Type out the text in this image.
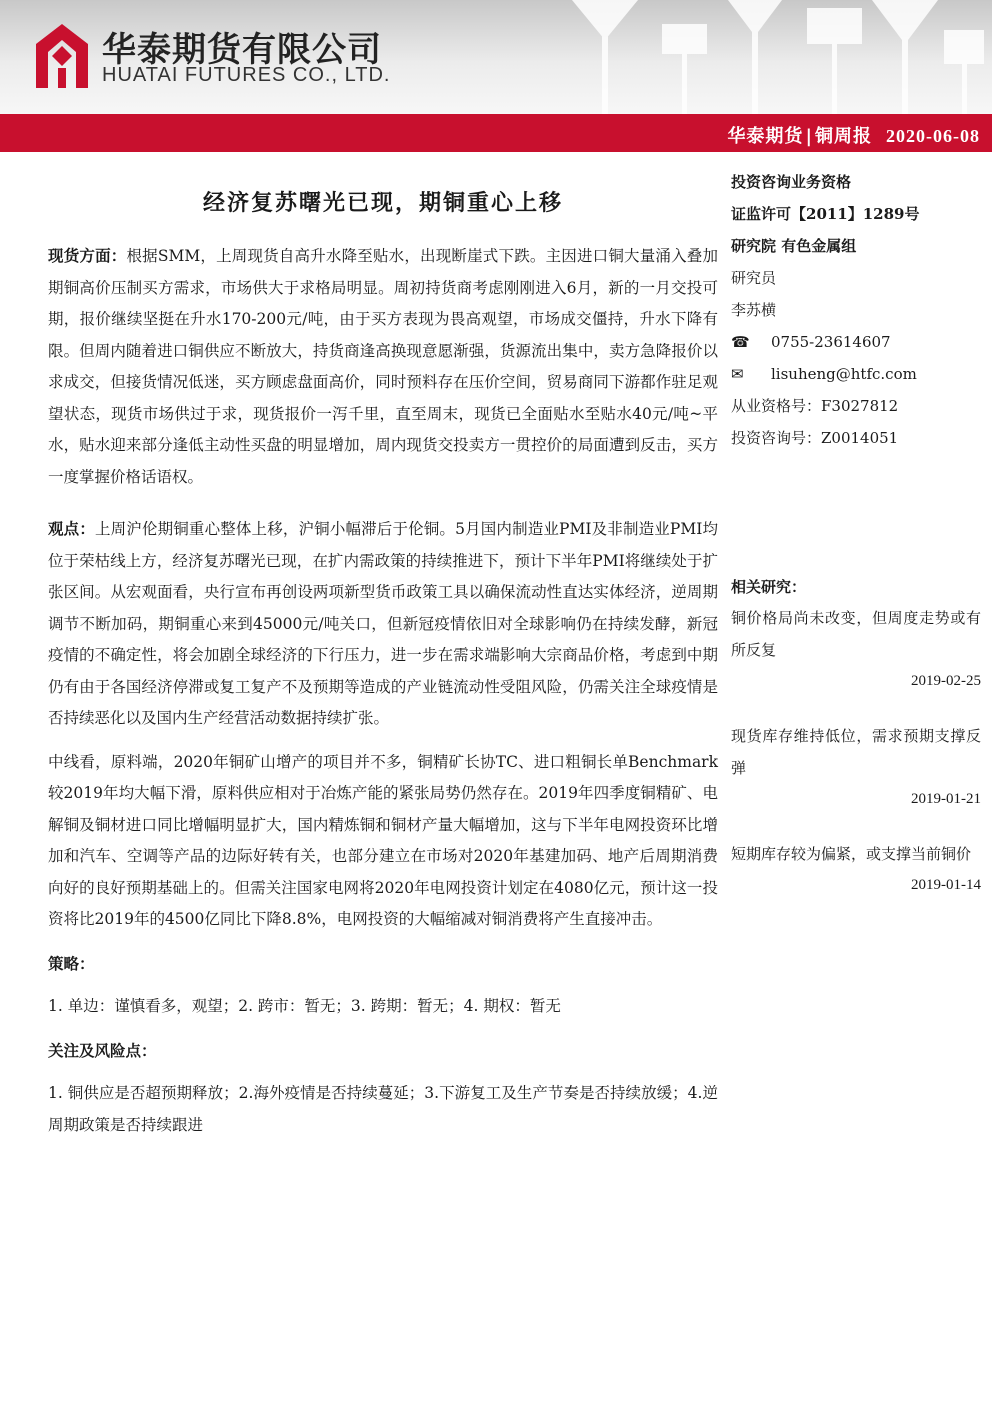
华泰期货有限公司
HUATAI FUTURES CO., LTD.
华泰期货 | 铜周报 2020-06-08
经济复苏曙光已现，期铜重心上移

现货方面：根据SMM，上周现货自高升水降至贴水，出现断崖式下跌。主因进口铜大量涌入叠加期铜高价压制买方需求，市场供大于求格局明显。周初持货商考虑刚刚进入6月，新的一月交投可期，报价继续坚挺在升水170-200元/吨，由于买方表现为畏高观望，市场成交僵持，升水下降有限。但周内随着进口铜供应不断放大，持货商逢高换现意愿渐强，货源流出集中，卖方急降报价以求成交，但接货情况低迷，买方顾虑盘面高价，同时预料存在压价空间，贸易商同下游都作驻足观望状态，现货市场供过于求，现货报价一泻千里，直至周末，现货已全面贴水至贴水40元/吨~平水，贴水迎来部分逢低主动性买盘的明显增加，周内现货交投卖方一贯控价的局面遭到反击，买方一度掌握价格话语权。

观点：上周沪伦期铜重心整体上移，沪铜小幅滞后于伦铜。5月国内制造业PMI及非制造业PMI均位于荣枯线上方，经济复苏曙光已现，在扩内需政策的持续推进下，预计下半年PMI将继续处于扩张区间。从宏观面看，央行宣布再创设两项新型货币政策工具以确保流动性直达实体经济，逆周期调节不断加码，期铜重心来到45000元/吨关口，但新冠疫情依旧对全球影响仍在持续发酵，新冠疫情的不确定性，将会加剧全球经济的下行压力，进一步在需求端影响大宗商品价格，考虑到中期仍有由于各国经济停滞或复工复产不及预期等造成的产业链流动性受阻风险，仍需关注全球疫情是否持续恶化以及国内生产经营活动数据持续扩张。

中线看，原料端，2020年铜矿山增产的项目并不多，铜精矿长协TC、进口粗铜长单Benchmark较2019年均大幅下滑，原料供应相对于冶炼产能的紧张局势仍然存在。2019年四季度铜精矿、电解铜及铜材进口同比增幅明显扩大，国内精炼铜和铜材产量大幅增加，这与下半年电网投资环比增加和汽车、空调等产品的边际好转有关，也部分建立在市场对2020年基建加码、地产后周期消费向好的良好预期基础上的。但需关注国家电网将2020年电网投资计划定在4080亿元，预计这一投资将比2019年的4500亿同比下降8.8%，电网投资的大幅缩减对铜消费将产生直接冲击。

策略：

1. 单边：谨慎看多，观望；2. 跨市：暂无；3. 跨期：暂无；4. 期权：暂无

关注及风险点：

1. 铜供应是否超预期释放；2.海外疫情是否持续蔓延；3.下游复工及生产节奏是否持续放缓；4.逆周期政策是否持续跟进

投资咨询业务资格
证监许可【2011】1289号
研究院 有色金属组
研究员
李苏横
☎ 0755-23614607
✉ lisuheng@htfc.com
从业资格号：F3027812
投资咨询号：Z0014051
相关研究：
铜价格局尚未改变，但周度走势或有所反复
2019-02-25
现货库存维持低位，需求预期支撑反弹
2019-01-21
短期库存较为偏紧，或支撑当前铜价
2019-01-14
